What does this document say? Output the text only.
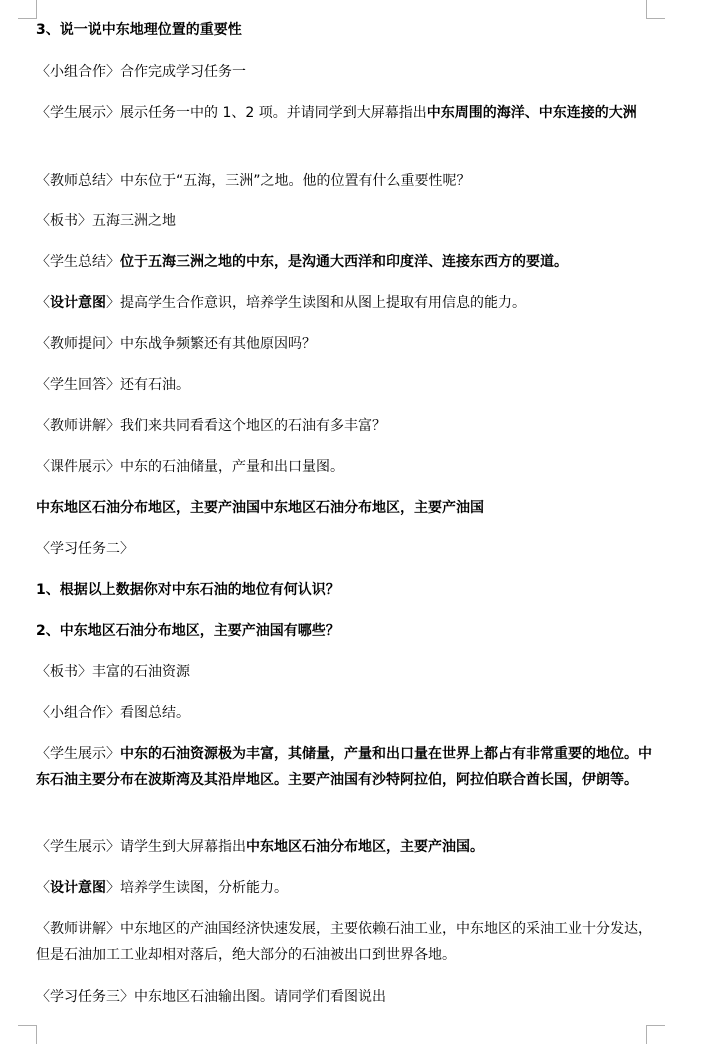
3、说一说中东地理位置的重要性
〈小组合作〉合作完成学习任务一
〈学生展示〉展示任务一中的 1、2 项。并请同学到大屏幕指出中东周围的海洋、中东连接的大洲
〈教师总结〉中东位于“五海，三洲”之地。他的位置有什么重要性呢？
〈板书〉五海三洲之地
〈学生总结〉位于五海三洲之地的中东，是沟通大西洋和印度洋、连接东西方的要道。
〈设计意图〉提高学生合作意识，培养学生读图和从图上提取有用信息的能力。
〈教师提问〉中东战争频繁还有其他原因吗？
〈学生回答〉还有石油。
〈教师讲解〉我们来共同看看这个地区的石油有多丰富？
〈课件展示〉中东的石油储量，产量和出口量图。
中东地区石油分布地区，主要产油国中东地区石油分布地区，主要产油国
〈学习任务二〉
1、根据以上数据你对中东石油的地位有何认识？
2、中东地区石油分布地区，主要产油国有哪些？
〈板书〉丰富的石油资源
〈小组合作〉看图总结。
〈学生展示〉中东的石油资源极为丰富，其储量，产量和出口量在世界上都占有非常重要的地位。中东石油主要分布在波斯湾及其沿岸地区。主要产油国有沙特阿拉伯，阿拉伯联合酋长国，伊朗等。
〈学生展示〉请学生到大屏幕指出中东地区石油分布地区，主要产油国。
〈设计意图〉培养学生读图，分析能力。
〈教师讲解〉中东地区的产油国经济快速发展，主要依赖石油工业，中东地区的采油工业十分发达，但是石油加工工业却相对落后，绝大部分的石油被出口到世界各地。
〈学习任务三〉中东地区石油输出图。请同学们看图说出
